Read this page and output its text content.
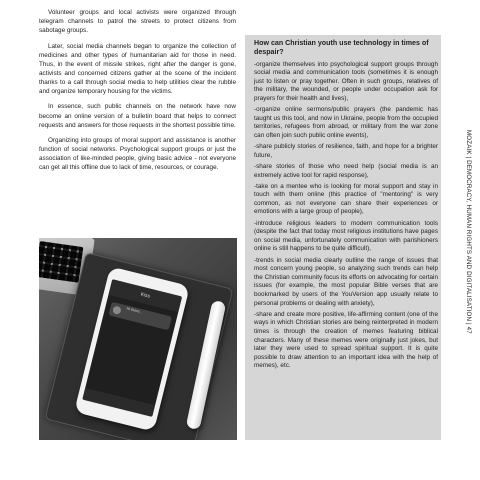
Volunteer groups and local activists were organized through telegram channels to patrol the streets to protect citizens from sabotage groups.

Later, social media channels began to organize the collection of medicines and other types of humanitarian aid for those in need. Thus, in the event of missile strikes, right after the danger is gone, activists and concerned citizens gather at the scene of the incident thanks to a call through social media to help utilities clear the rubble and organize temporary housing for the victims.

In essence, such public channels on the network have now become an online version of a bulletin board that helps to connect requests and answers for those requests in the shortest possible time.

Organizing into groups of moral support and assistance is another function of social networks. Psychological support groups or just the association of like-minded people, giving basic advice - not everyone can get all this offline due to lack of time, resources, or courage.

Kiss
Hi there...
How can Christian youth use technology in times of despair?
-organize themselves into psychological support groups through social media and communication tools (sometimes it is enough just to listen or pray together. Often in such groups, relatives of the military, the wounded, or people under occupation ask for prayers for their health and lives),
-organize online sermons/public prayers (the pandemic has taught us this tool, and now in Ukraine, people from the occupied territories, refugees from abroad, or military from the war zone can often join such public online events),
-share publicly stories of resilience, faith, and hope for a brighter future,
-share stories of those who need help (social media is an extremely active tool for rapid response),
-take on a mentee who is looking for moral support and stay in touch with them online (this practice of "mentoring" is very common, as not everyone can share their experiences or emotions with a large group of people),
-introduce religious leaders to modern communication tools (despite the fact that today most religious institutions have pages on social media, unfortunately communication with parishioners online is still happens to be quite difficult),
-trends in social media clearly outline the range of issues that most concern young people, so analyzing such trends can help the Christian community focus its efforts on advocating for certain issues (for example, the most popular Bible verses that are bookmarked by users of the YouVersion app usually relate to personal problems or dealing with anxiety),
-share and create more positive, life-affirming content (one of the ways in which Christian stories are being reinterpreted in modern times is through the creation of memes featuring biblical characters. Many of these memes were originally just jokes, but later they were used to spread spiritual support. It is quite possible to draw attention to an important idea with the help of memes), etc.
MOZAIK | DEMOCRACY, HUMAN RIGHTS AND DIGITALISATION | 47
